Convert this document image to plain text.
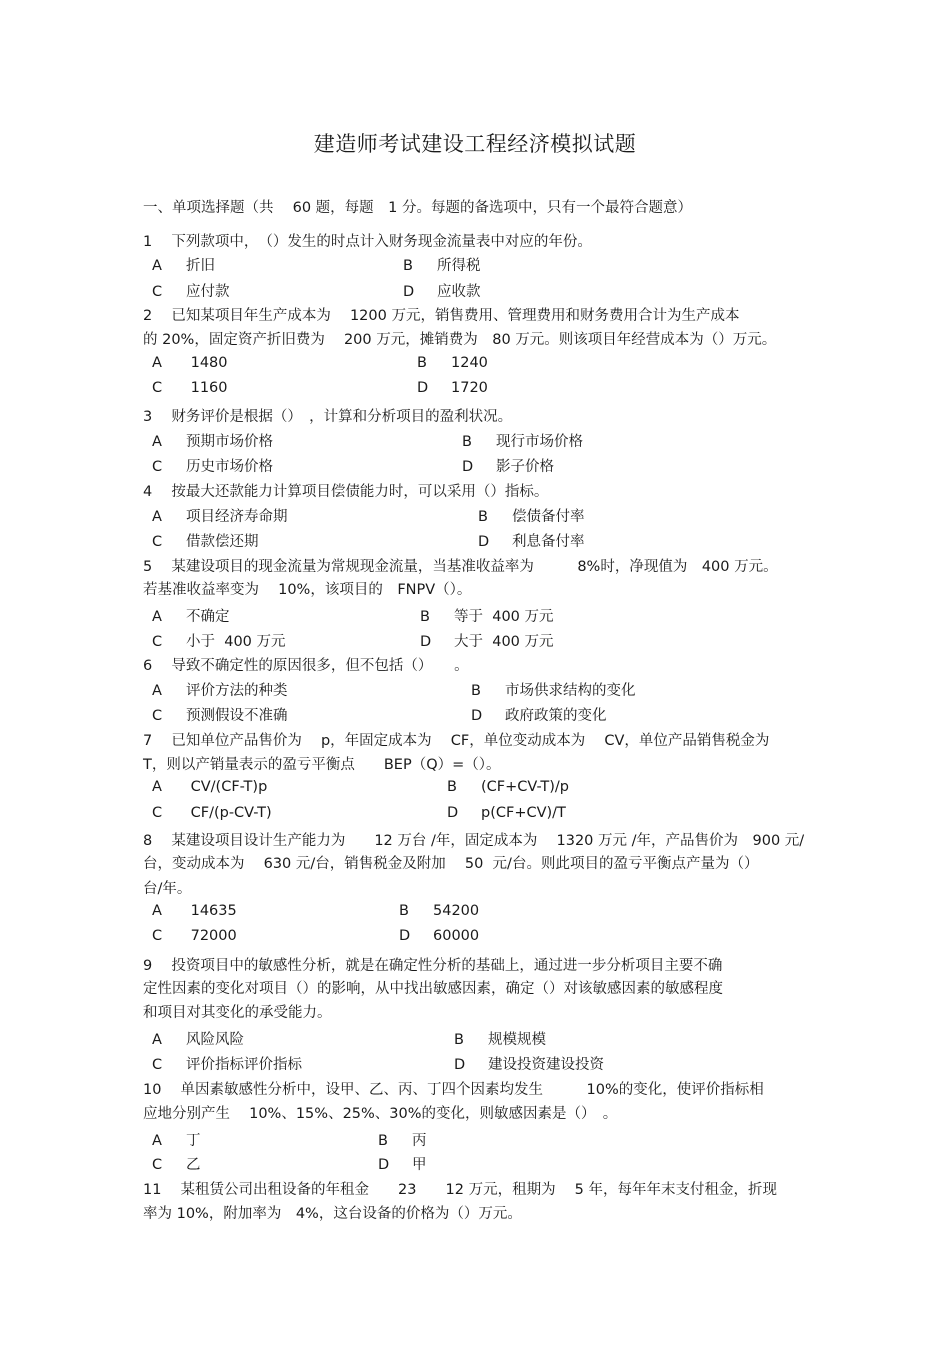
建造师考试建设工程经济模拟试题
一、单项选择题（共　 60 题，每题　1 分。每题的备选项中，只有一个最符合题意）
1　 下列款项中，　（）发生的时点计入财务现金流量表中对应的年份。
A 折旧	B 所得税
C 应付款	D 应收款
2　 已知某项目年生产成本为　 1200 万元，销售费用、管理费用和财务费用合计为生产成本
的 20%，固定资产折旧费为　 200 万元，摊销费为　80 万元。则该项目年经营成本为（）万元。
A 1480	B 1240
C 1160	D 1720
3　 财务评价是根据（）　，计算和分析项目的盈利状况。
A 预期市场价格	B 现行市场价格
C 历史市场价格	D 影子价格
4　 按最大还款能力计算项目偿债能力时，可以采用（）指标。
A 项目经济寿命期	B 偿债备付率
C 借款偿还期	D 利息备付率
5　 某建设项目的现金流量为常规现金流量，当基准收益率为　　　8%时，净现值为　400 万元。
若基准收益率变为　 10%，该项目的　FNPV（）。
A 不确定	B 等于  400 万元
C 小于  400 万元	D 大于  400 万元
6　 导致不确定性的原因很多，但不包括（）　　。
A 评价方法的种类	B 市场供求结构的变化
C 预测假设不准确	D 政府政策的变化
7　 已知单位产品售价为　 p，年固定成本为　 CF，单位变动成本为　 CV，单位产品销售税金为
T，则以产销量表示的盈亏平衡点　　BEP（Q）=（）。
A CV/(CF-T)p	B (CF+CV-T)/p
C CF/(p-CV-T)	D p(CF+CV)/T
8　 某建设项目设计生产能力为　　12 万台 /年，固定成本为　 1320 万元 /年，产品售价为　900 元/
台，变动成本为　 630 元/台，销售税金及附加　 50  元/台。则此项目的盈亏平衡点产量为（）
台/年。
A 14635	B 54200
C 72000	D 60000
9　 投资项目中的敏感性分析，就是在确定性分析的基础上，通过进一步分析项目主要不确
定性因素的变化对项目（）的影响，从中找出敏感因素，确定（）对该敏感因素的敏感程度
和项目对其变化的承受能力。
A 风险风险	B 规模规模
C 评价指标评价指标	D 建设投资建设投资
10　 单因素敏感性分析中，设甲、乙、丙、丁四个因素均发生　　　10%的变化，使评价指标相
应地分别产生　 10%、15%、25%、30%的变化，则敏感因素是（）　。
A 丁	B 丙
C 乙	D 甲
11　 某租赁公司出租设备的年租金　　23　　12 万元，租期为　 5 年，每年年末支付租金，折现
率为 10%，附加率为　4%，这台设备的价格为（）万元。
